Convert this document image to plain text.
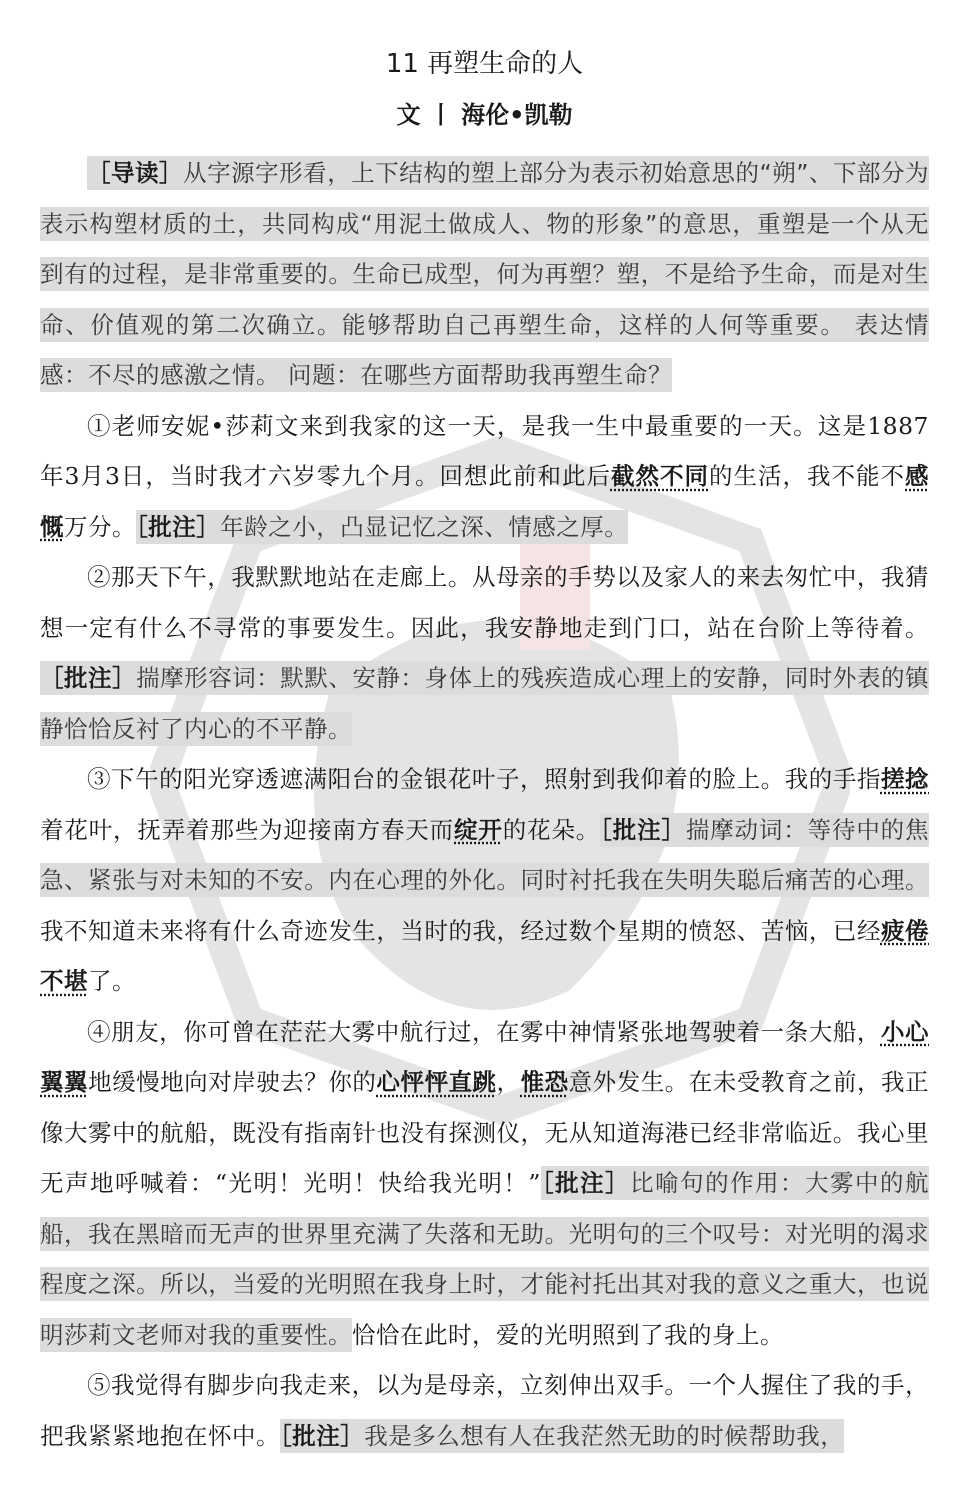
11 再塑生命的人
文 丨 海伦•凯勒

［导读］从字源字形看，上下结构的塑上部分为表示初始意思的“朔”、下部分为表示构塑材质的土，共同构成“用泥土做成人、物的形象”的意思，重塑是一个从无到有的过程，是非常重要的。生命已成型，何为再塑？塑，不是给予生命，而是对生命、价值观的第二次确立。能够帮助自己再塑生命，这样的人何等重要。 表达情感：不尽的感激之情。 问题：在哪些方面帮助我再塑生命？

①老师安妮•莎莉文来到我家的这一天，是我一生中最重要的一天。这是1887年3月3日，当时我才六岁零九个月。回想此前和此后截然不同的生活，我不能不感慨万分。［批注］年龄之小，凸显记忆之深、情感之厚。

②那天下午，我默默地站在走廊上。从母亲的手势以及家人的来去匆忙中，我猜想一定有什么不寻常的事要发生。因此，我安静地走到门口，站在台阶上等待着。［批注］揣摩形容词：默默、安静：身体上的残疾造成心理上的安静，同时外表的镇静恰恰反衬了内心的不平静。

③下午的阳光穿透遮满阳台的金银花叶子，照射到我仰着的脸上。我的手指搓捻着花叶，抚弄着那些为迎接南方春天而绽开的花朵。［批注］揣摩动词：等待中的焦急、紧张与对未知的不安。内在心理的外化。同时衬托我在失明失聪后痛苦的心理。我不知道未来将有什么奇迹发生，当时的我，经过数个星期的愤怒、苦恼，已经疲倦不堪了。

④朋友，你可曾在茫茫大雾中航行过，在雾中神情紧张地驾驶着一条大船，小心翼翼地缓慢地向对岸驶去？你的心怦怦直跳，惟恐意外发生。在未受教育之前，我正像大雾中的航船，既没有指南针也没有探测仪，无从知道海港已经非常临近。我心里无声地呼喊着：“光明！光明！快给我光明！”［批注］比喻句的作用：大雾中的航船，我在黑暗而无声的世界里充满了失落和无助。光明句的三个叹号：对光明的渴求程度之深。所以，当爱的光明照在我身上时，才能衬托出其对我的意义之重大，也说明莎莉文老师对我的重要性。恰恰在此时，爱的光明照到了我的身上。

⑤我觉得有脚步向我走来，以为是母亲，立刻伸出双手。一个人握住了我的手，把我紧紧地抱在怀中。［批注］我是多么想有人在我茫然无助的时候帮助我，
